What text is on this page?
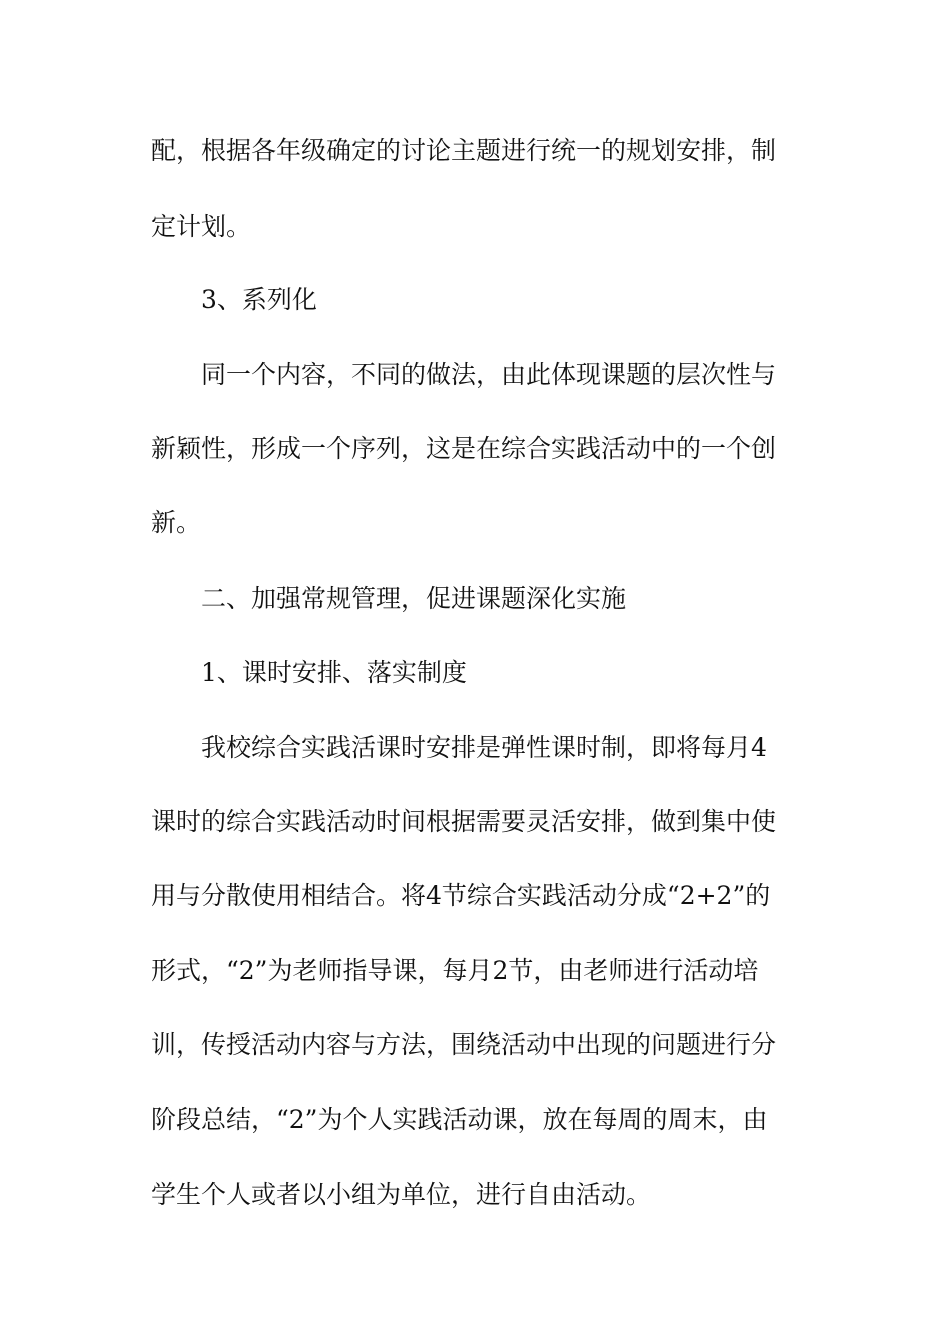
配，根据各年级确定的讨论主题进行统一的规划安排，制
定计划。
3、系列化
同一个内容，不同的做法，由此体现课题的层次性与
新颖性，形成一个序列，这是在综合实践活动中的一个创
新。
二、加强常规管理，促进课题深化实施
1、课时安排、落实制度
我校综合实践活课时安排是弹性课时制，即将每月4
课时的综合实践活动时间根据需要灵活安排，做到集中使
用与分散使用相结合。将4节综合实践活动分成“2+2”的
形式，“2”为老师指导课，每月2节，由老师进行活动培
训，传授活动内容与方法，围绕活动中出现的问题进行分
阶段总结，“2”为个人实践活动课，放在每周的周末，由
学生个人或者以小组为单位，进行自由活动。
